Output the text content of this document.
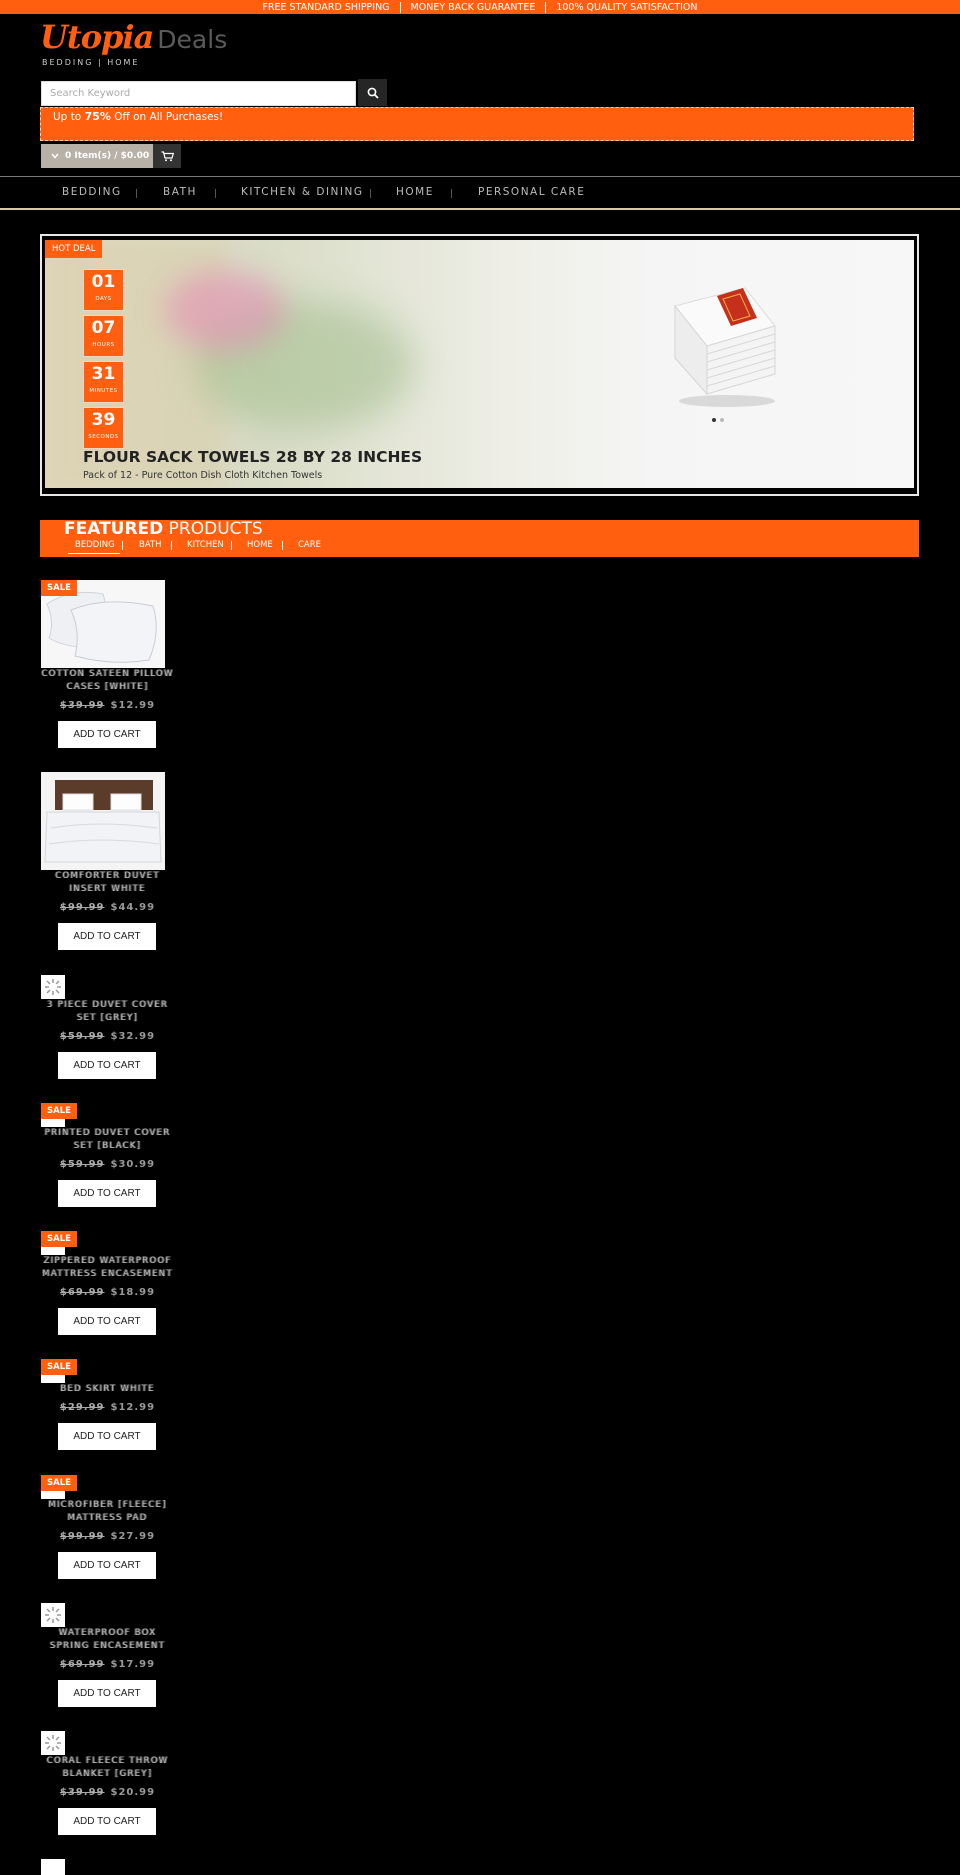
FREE STANDARD SHIPPING	MONEY BACK GUARANTEE	100% QUALITY SATISFACTION
Utopia Deals
BEDDING | HOME
Search Keyword
Up to 75% Off on All Purchases!
0 Item(s) / $0.00
BEDDING	BATH	KITCHEN & DINING	HOME	PERSONAL CARE
HOT DEAL
01
DAYS
07
HOURS
31
MINUTES
39
SECONDS
FLOUR SACK TOWELS 28 BY 28 INCHES
Pack of 12 - Pure Cotton Dish Cloth Kitchen Towels
FEATURED PRODUCTS
BEDDING	BATH	KITCHEN	HOME	CARE
SALE
COTTON SATEEN PILLOW CASES [WHITE]
$39.99 $12.99
ADD TO CART
COMFORTER DUVET INSERT WHITE
$99.99 $44.99
ADD TO CART
3 PIECE DUVET COVER SET [GREY]
$59.99 $32.99
ADD TO CART
SALE
PRINTED DUVET COVER SET [BLACK]
$59.99 $30.99
ADD TO CART
SALE
ZIPPERED WATERPROOF MATTRESS ENCASEMENT
$69.99 $18.99
ADD TO CART
SALE
BED SKIRT WHITE
$29.99 $12.99
ADD TO CART
SALE
MICROFIBER [FLEECE] MATTRESS PAD
$99.99 $27.99
ADD TO CART
WATERPROOF BOX SPRING ENCASEMENT
$69.99 $17.99
ADD TO CART
CORAL FLEECE THROW BLANKET [GREY]
$39.99 $20.99
ADD TO CART
